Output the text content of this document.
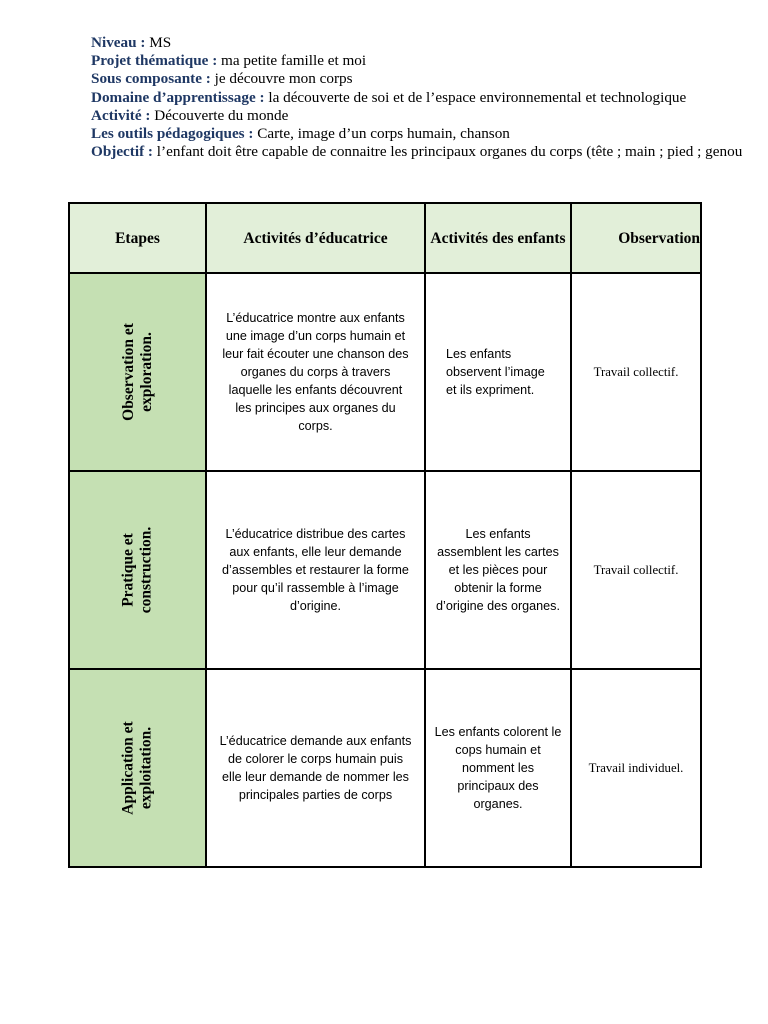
Niveau : MS
Projet thématique : ma petite famille et moi
Sous composante : je découvre mon corps
Domaine d’apprentissage : la découverte de soi et de l’espace environnemental et technologique
Activité : Découverte du monde
Les outils pédagogiques : Carte, image d’un corps humain, chanson
Objectif : l’enfant doit être capable de connaitre les principaux organes du corps (tête ; main ; pied ; genou
Etapes	Activités d’éducatrice	Activités des enfants	Observation

Observation et exploration.	L’éducatrice montre aux enfants une image d’un corps humain et leur fait écouter une chanson des organes du corps à travers laquelle les enfants découvrent les principes aux organes du corps.	Les enfants observent l’image et ils expriment.	Travail collectif.

Pratique et construction.	L’éducatrice distribue des cartes aux enfants, elle leur demande d’assembles et restaurer la forme pour qu’il rassemble à l’image d’origine.	Les enfants assemblent les cartes et les pièces pour obtenir la forme d’origine des organes.	Travail collectif.

Application et exploitation.	L’éducatrice demande aux enfants de colorer le corps humain puis elle leur demande de nommer les principales parties de corps	Les enfants colorent le cops humain et nomment les principaux des organes.	Travail individuel.
